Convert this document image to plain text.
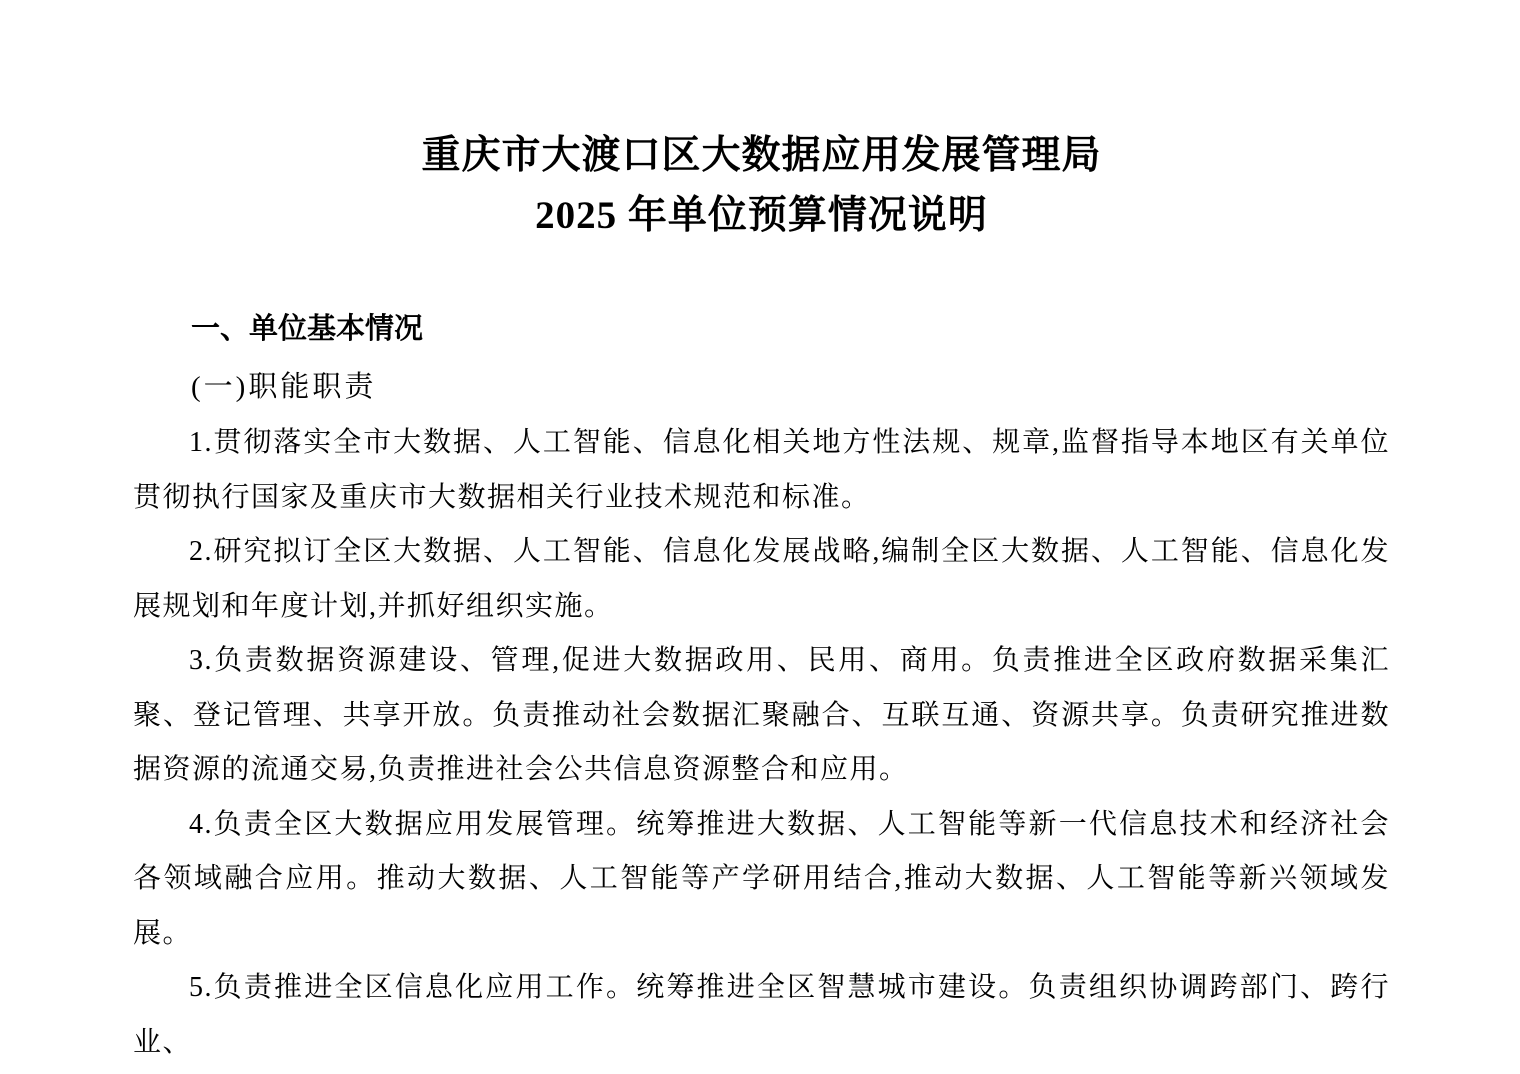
重庆市大渡口区大数据应用发展管理局
2025 年单位预算情况说明
一、单位基本情况
(一)职能职责

1.贯彻落实全市大数据、人工智能、信息化相关地方性法规、规章,监督指导本地区有关单位贯彻执行国家及重庆市大数据相关行业技术规范和标准。

2.研究拟订全区大数据、人工智能、信息化发展战略,编制全区大数据、人工智能、信息化发展规划和年度计划,并抓好组织实施。

3.负责数据资源建设、管理,促进大数据政用、民用、商用。负责推进全区政府数据采集汇聚、登记管理、共享开放。负责推动社会数据汇聚融合、互联互通、资源共享。负责研究推进数据资源的流通交易,负责推进社会公共信息资源整合和应用。

4.负责全区大数据应用发展管理。统筹推进大数据、人工智能等新一代信息技术和经济社会各领域融合应用。推动大数据、人工智能等产学研用结合,推动大数据、人工智能等新兴领域发展。

5.负责推进全区信息化应用工作。统筹推进全区智慧城市建设。负责组织协调跨部门、跨行业、
